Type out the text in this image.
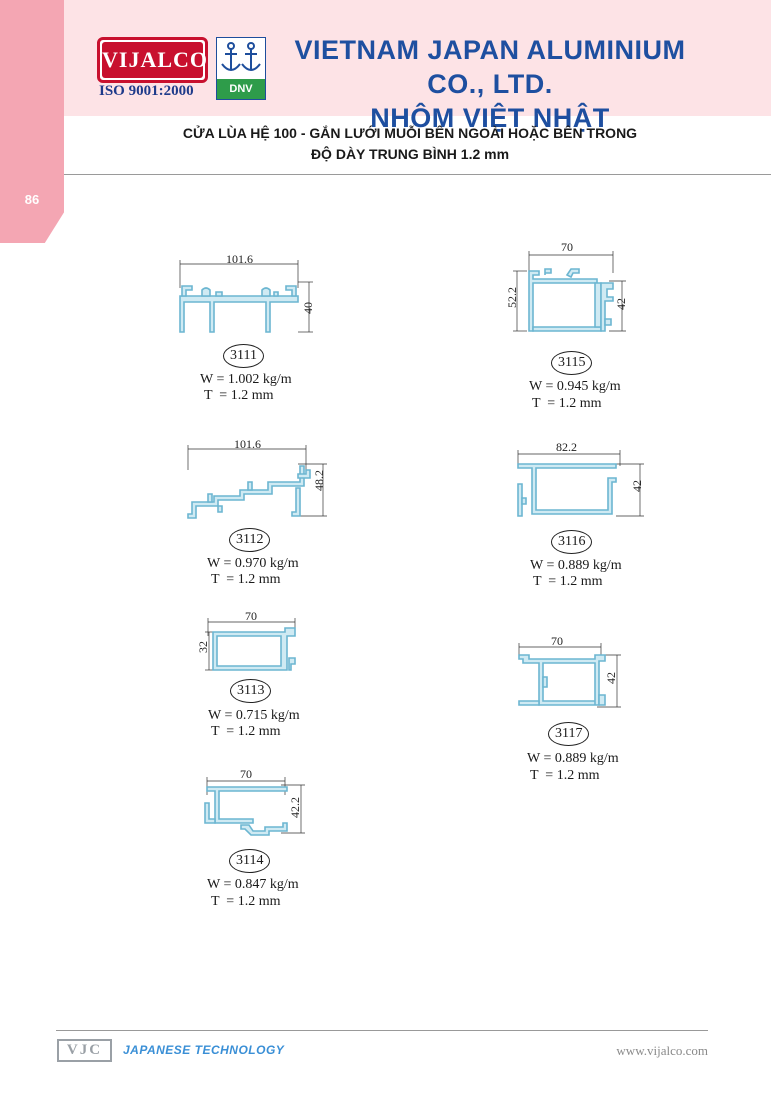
86
VIJALCO
ISO 9001:2000	DNV
VIETNAM JAPAN ALUMINIUM CO., LTD.
NHÔM VIỆT NHẬT
CỬA LÙA HỆ 100 - GẮN LƯỚI MUỖI BÊN NGOÀI HOẶC BÊN TRONG
ĐỘ DÀY TRUNG BÌNH 1.2 mm
101.6
40
3111
W = 1.002 kg/m
T  = 1.2 mm
101.6
48.2
3112
W = 0.970 kg/m
T  = 1.2 mm
70
32
3113
W = 0.715 kg/m
T  = 1.2 mm
70
42.2
3114
W = 0.847 kg/m
T  = 1.2 mm
70
52.2	42
3115
W = 0.945 kg/m
T  = 1.2 mm
82.2
42
3116
W = 0.889 kg/m
T  = 1.2 mm
70
42
3117
W = 0.889 kg/m
T  = 1.2 mm
VJC	JAPANESE TECHNOLOGY	www.vijalco.com
